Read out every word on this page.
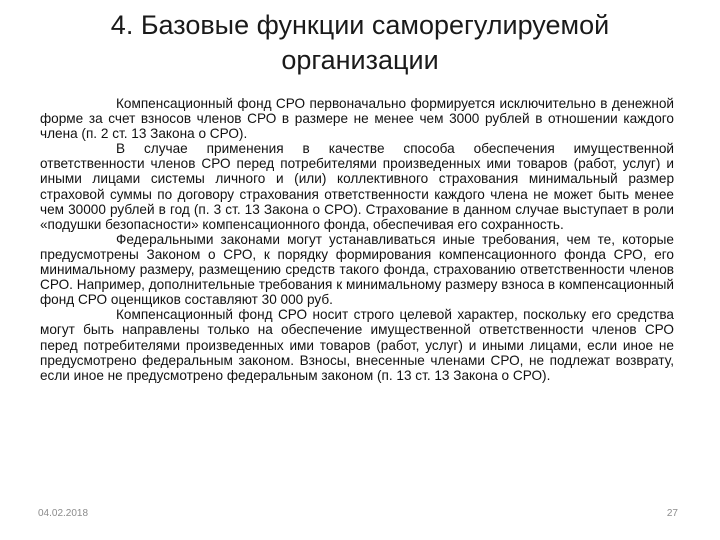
4. Базовые функции саморегулируемой
организации

Компенсационный фонд СРО первоначально формируется исключительно в денежной форме за счет взносов членов СРО в размере не менее чем 3000 рублей в отношении каждого члена (п. 2 ст. 13 Закона о СРО).

В случае применения в качестве способа обеспечения имущественной ответственности членов СРО перед потребителями произведенных ими товаров (работ, услуг) и иными лицами системы личного и (или) коллективного страхования минимальный размер страховой суммы по договору страхования ответственности каждого члена не может быть менее чем 30000 рублей в год (п. 3 ст. 13 Закона о СРО). Страхование в данном случае выступает в роли «подушки безопасности» компенсационного фонда, обеспечивая его сохранность.

Федеральными законами могут устанавливаться иные требования, чем те, которые предусмотрены Законом о СРО, к порядку формирования компенсационного фонда СРО, его минимальному размеру, размещению средств такого фонда, страхованию ответственности членов СРО. Например, дополнительные требования к минимальному размеру взноса в компенсационный фонд СРО оценщиков составляют 30 000 руб.

Компенсационный фонд СРО носит строго целевой характер, поскольку его средства могут быть направлены только на обеспечение имущественной ответственности членов СРО перед потребителями произведенных ими товаров (работ, услуг) и иными лицами, если иное не предусмотрено федеральным законом. Взносы, внесенные членами СРО, не подлежат возврату, если иное не предусмотрено федеральным законом (п. 13 ст. 13 Закона о СРО).

04.02.2018	27
